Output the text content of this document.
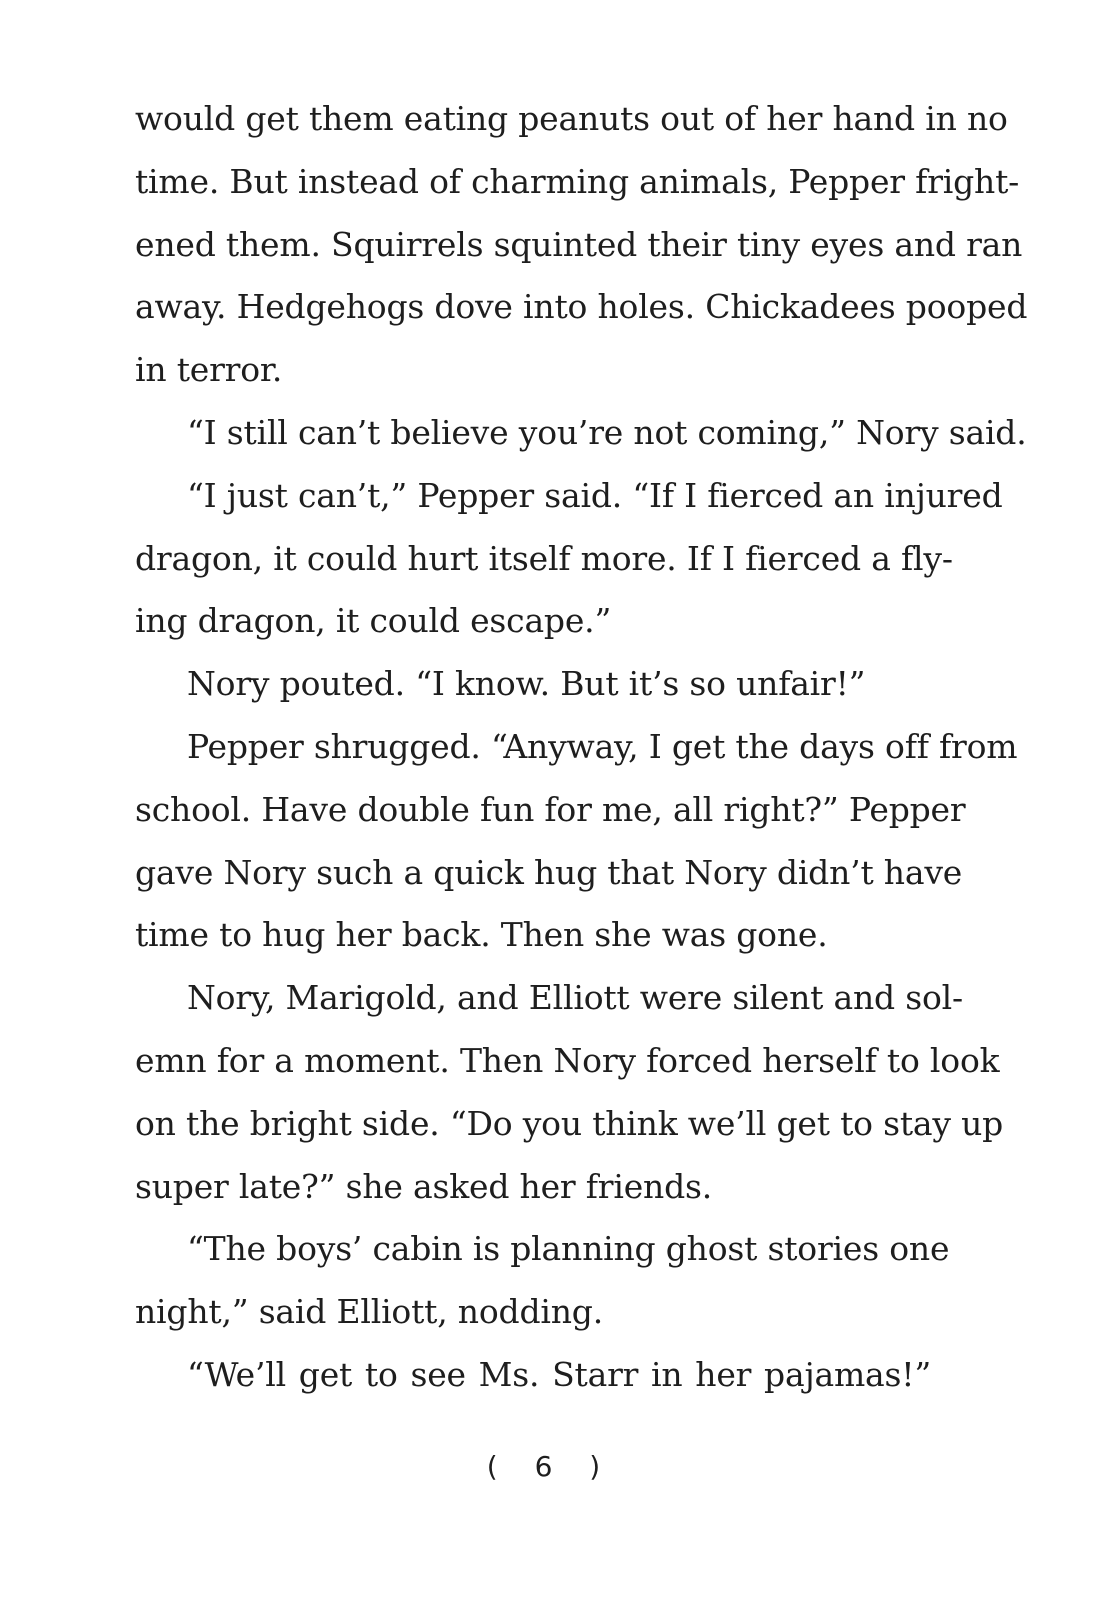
would get them eating peanuts out of her hand in no
time. But instead of charming animals, Pepper fright-
ened them. Squirrels squinted their tiny eyes and ran
away. Hedgehogs dove into holes. Chickadees pooped
in terror.
“I still can’t believe you’re not coming,” Nory said.
“I just can’t,” Pepper said. “If I fierced an injured
dragon, it could hurt itself more. If I fierced a fly-
ing dragon, it could escape.”
Nory pouted. “I know. But it’s so unfair!”
Pepper shrugged. “Anyway, I get the days off from
school. Have double fun for me, all right?” Pepper
gave Nory such a quick hug that Nory didn’t have
time to hug her back. Then she was gone.
Nory, Marigold, and Elliott were silent and sol-
emn for a moment. Then Nory forced herself to look
on the bright side. “Do you think we’ll get to stay up
super late?” she asked her friends.
“The boys’ cabin is planning ghost stories one
night,” said Elliott, nodding.
“We’ll get to see Ms. Starr in her pajamas!”
( 6 )
